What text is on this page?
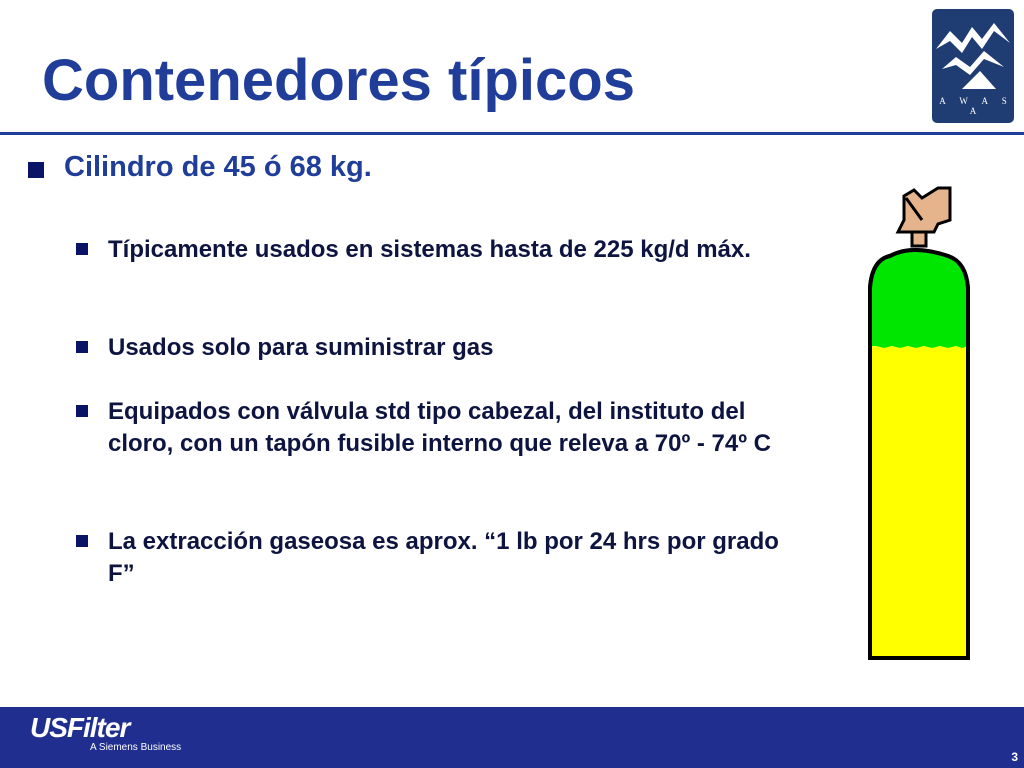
Contenedores típicos	A W A S A
Cilindro de 45 ó 68 kg.
Típicamente usados en sistemas hasta de 225 kg/d máx.
Usados solo para suministrar gas
Equipados con válvula std tipo cabezal, del instituto del cloro, con un tapón fusible interno que releva a 70º - 74º C
La extracción gaseosa es aprox. “1 lb por 24 hrs por grado F”
USFilter
A Siemens Business
3
